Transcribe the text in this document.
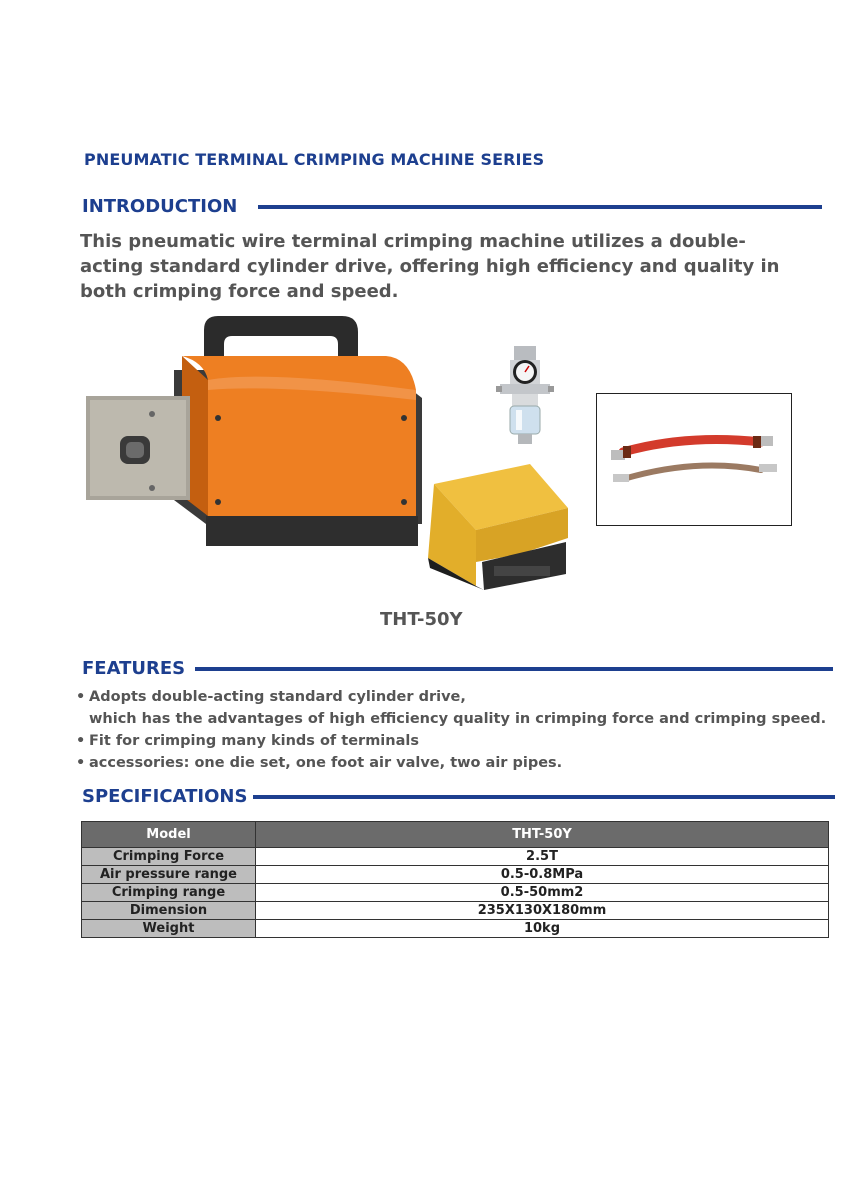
PNEUMATIC TERMINAL CRIMPING MACHINE SERIES
INTRODUCTION

This pneumatic wire terminal crimping machine utilizes a double-acting standard cylinder drive, offering high efficiency and quality in both crimping force and speed.

THT-50Y
FEATURES
• Adopts double-acting standard cylinder drive,
which has the advantages of high efficiency quality in crimping force and crimping speed.
• Fit for crimping many kinds of terminals
• accessories: one die set, one foot air valve, two air pipes.
SPECIFICATIONS
Model	THT-50Y
Crimping Force	2.5T
Air pressure range	0.5-0.8MPa
Crimping range	0.5-50mm2
Dimension	235X130X180mm
Weight	10kg
